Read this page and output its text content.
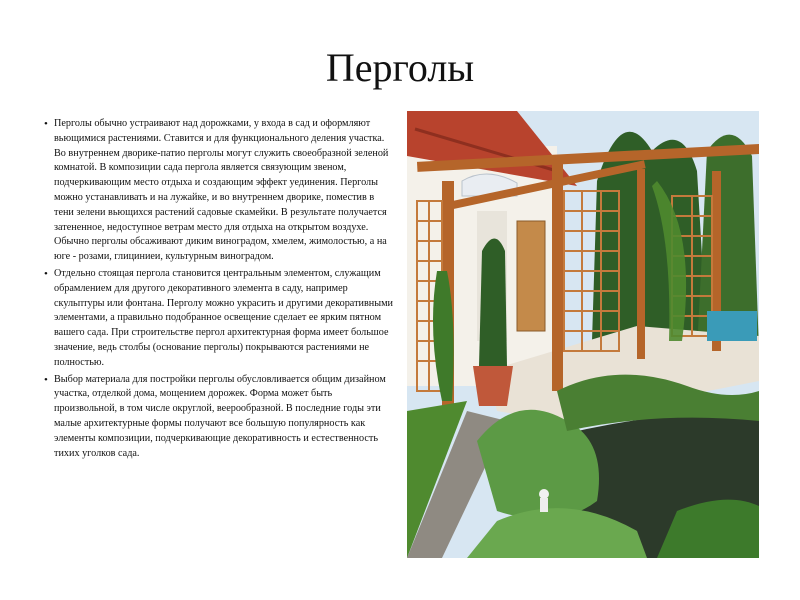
Перголы
• Перголы обычно устраивают над дорожками, у входа в сад и оформляют вьющимися растениями. Ставится и для функционального деления участка. Во внутреннем дворике-патио перголы могут служить своеобразной зеленой комнатой. В композиции сада пергола является связующим звеном, подчеркивающим место отдыха и создающим эффект уединения. Перголы можно устанавливать и на лужайке, и во внутреннем дворике, поместив в тени зелени вьющихся растений садовые скамейки. В результате получается затененное, недоступное ветрам место для отдыха на открытом воздухе. Обычно перголы обсаживают диким виноградом, хмелем, жимолостью, а на юге - розами, глициниеи, культурным виноградом.
• Отдельно стоящая пергола становится центральным элементом, служащим обрамлением для другого декоративного элемента в саду, например скульптуры или фонтана. Перголу можно украсить и другими декоративными элементами, а правильно подобранное освещение сделает ее ярким пятном вашего сада. При строительстве пергол архитектурная форма имеет большое значение, ведь столбы (основание перголы) покрываются растениями не полностью.
• Выбор материала для постройки перголы обусловливается общим дизайном участка, отделкой дома, мощением дорожек. Форма может быть произвольной, в том числе округлой, веерообразной. В последние годы эти малые архитектурные формы получают все большую популярность как элементы композиции, подчеркивающие декоративность и естественность тихих уголков сада.
